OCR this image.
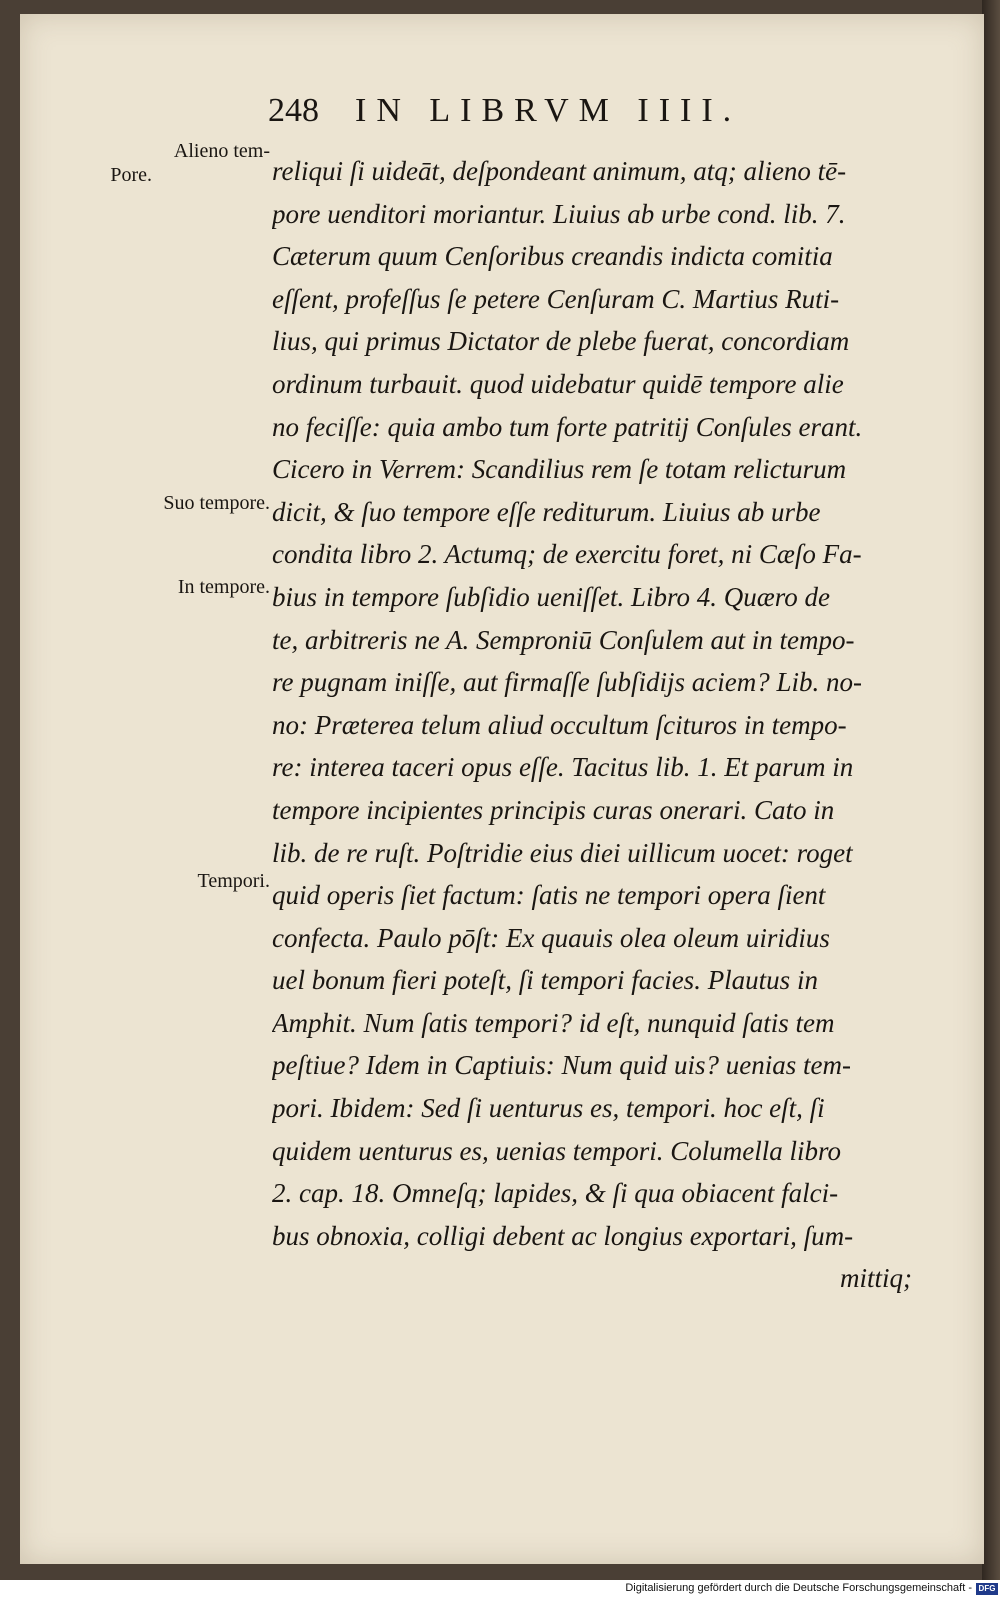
248 IN LIBRVM IIII.
Alieno tem-
Pore.
Suo tempore.
In tempore.
Tempori.
reliqui ſi uideāt, deſpondeant animum, atq; alieno tē-
pore uenditori moriantur. Liuius ab urbe cond. lib. 7.
Cæterum quum Cenſoribus creandis indicta comitia
eſſent, profeſſus ſe petere Cenſuram C. Martius Ruti-
lius, qui primus Dictator de plebe fuerat, concordiam
ordinum turbauit. quod uidebatur quidē tempore alie
no feciſſe: quia ambo tum forte patritij Conſules erant.
Cicero in Verrem: Scandilius rem ſe totam relicturum
dicit, & ſuo tempore eſſe rediturum. Liuius ab urbe
condita libro 2. Actumq; de exercitu foret, ni Cæſo Fa-
bius in tempore ſubſidio ueniſſet. Libro 4. Quæro de
te, arbitreris ne A. Semproniū Conſulem aut in tempo-
re pugnam iniſſe, aut firmaſſe ſubſidijs aciem? Lib. no-
no: Præterea telum aliud occultum ſcituros in tempo-
re: interea taceri opus eſſe. Tacitus lib. 1. Et parum in
tempore incipientes principis curas onerari. Cato in
lib. de re ruſt. Poſtridie eius diei uillicum uocet: roget
quid operis ſiet factum: ſatis ne tempori opera ſient
confecta. Paulo pōſt: Ex quauis olea oleum uiridius
uel bonum fieri poteſt, ſi tempori facies. Plautus in
Amphit. Num ſatis tempori? id eſt, nunquid ſatis tem
peſtiue? Idem in Captiuis: Num quid uis? uenias tem-
pori. Ibidem: Sed ſi uenturus es, tempori. hoc eſt, ſi
quidem uenturus es, uenias tempori. Columella libro
2. cap. 18. Omneſq; lapides, & ſi qua obiacent falci-
bus obnoxia, colligi debent ac longius exportari, ſum-
mittiq;
Digitalisierung gefördert durch die Deutsche Forschungsgemeinschaft - DFG
